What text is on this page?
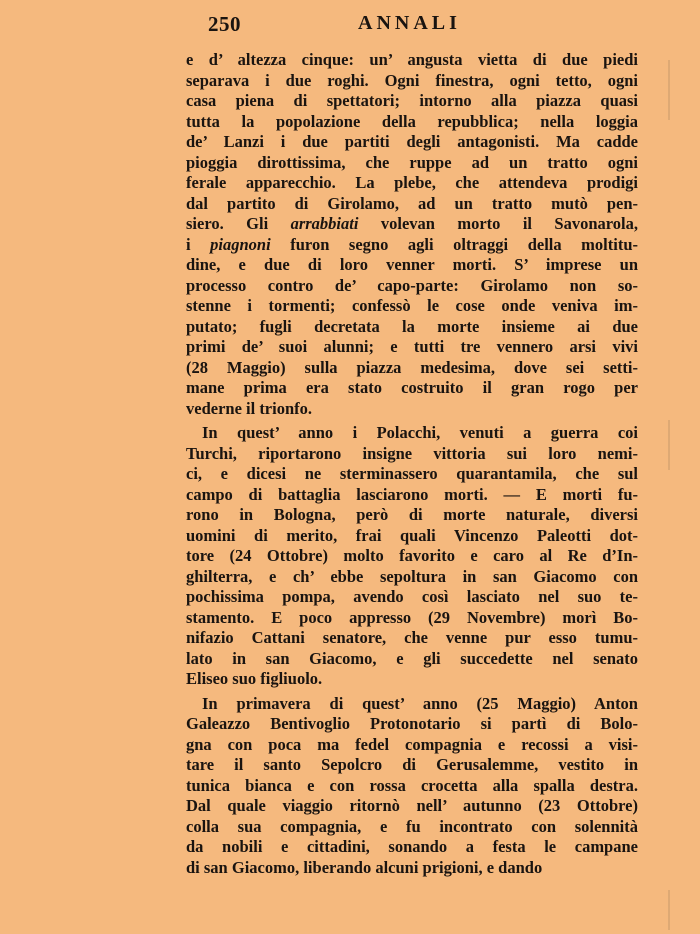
250	ANNALI
e d’ altezza cinque: un’ angusta vietta di due piedi
separava i due roghi. Ogni finestra, ogni tetto, ogni
casa piena di spettatori; intorno alla piazza quasi
tutta la popolazione della repubblica; nella loggia
de’ Lanzi i due partiti degli antagonisti. Ma cadde
pioggia dirottissima, che ruppe ad un tratto ogni
ferale apparecchio. La plebe, che attendeva prodigi
dal partito di Girolamo, ad un tratto mutò pen-
siero. Gli arrabbiati volevan morto il Savonarola,
i piagnoni furon segno agli oltraggi della moltitu-
dine, e due di loro venner morti. S’ imprese un
processo contro de’ capo-parte: Girolamo non so-
stenne i tormenti; confessò le cose onde veniva im-
putato; fugli decretata la morte insieme ai due
primi de’ suoi alunni; e tutti tre vennero arsi vivi
(28 Maggio) sulla piazza medesima, dove sei setti-
mane prima era stato costruito il gran rogo per
vederne il trionfo.
In quest’ anno i Polacchi, venuti a guerra coi
Turchi, riportarono insigne vittoria sui loro nemi-
ci, e dicesi ne sterminassero quarantamila, che sul
campo di battaglia lasciarono morti. — E morti fu-
rono in Bologna, però di morte naturale, diversi
uomini di merito, frai quali Vincenzo Paleotti dot-
tore (24 Ottobre) molto favorito e caro al Re d’In-
ghilterra, e ch’ ebbe sepoltura in san Giacomo con
pochissima pompa, avendo così lasciato nel suo te-
stamento. E poco appresso (29 Novembre) morì Bo-
nifazio Cattani senatore, che venne pur esso tumu-
lato in san Giacomo, e gli succedette nel senato
Eliseo suo figliuolo.
In primavera di quest’ anno (25 Maggio) Anton
Galeazzo Bentivoglio Protonotario si partì di Bolo-
gna con poca ma fedel compagnia e recossi a visi-
tare il santo Sepolcro di Gerusalemme, vestito in
tunica bianca e con rossa crocetta alla spalla destra.
Dal quale viaggio ritornò nell’ autunno (23 Ottobre)
colla sua compagnia, e fu incontrato con solennità
da nobili e cittadini, sonando a festa le campane
di san Giacomo, liberando alcuni prigioni, e dando
